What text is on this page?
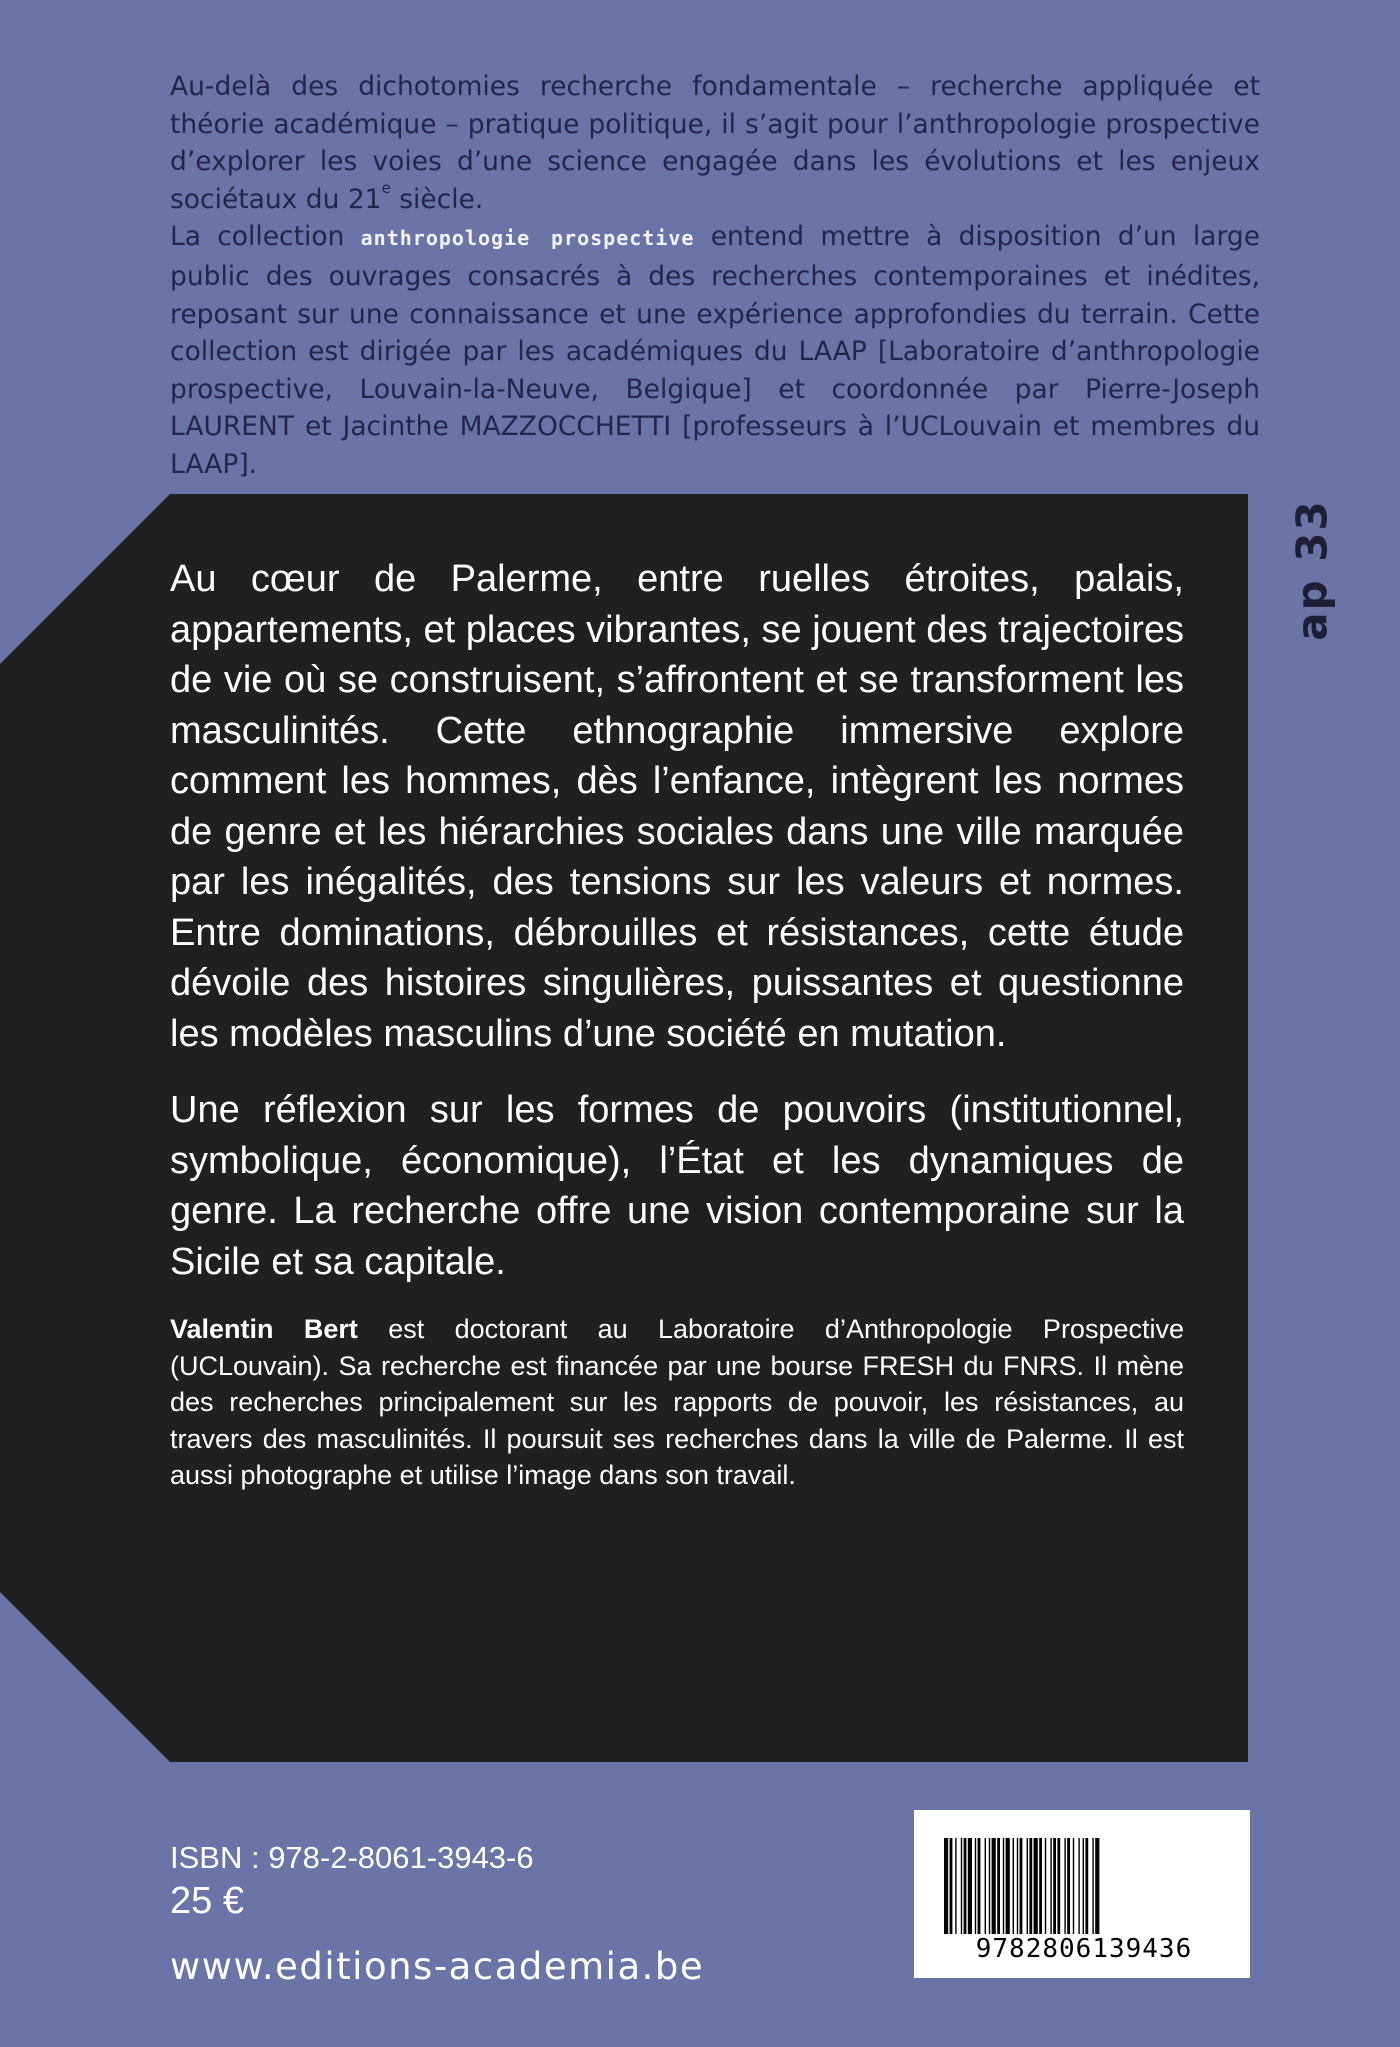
Au-delà des dichotomies recherche fondamentale – recherche appliquée et théorie académique – pratique politique, il s’agit pour l’anthropologie prospective d’explorer les voies d’une science engagée dans les évolutions et les enjeux sociétaux du 21e siècle.

La collection anthropologie prospective entend mettre à disposition d’un large public des ouvrages consacrés à des recherches contemporaines et inédites, reposant sur une connaissance et une expérience approfondies du terrain. Cette collection est dirigée par les académiques du LAAP [Laboratoire d’anthropologie prospective, Louvain-la-Neuve, Belgique] et coordonnée par Pierre-Joseph LAURENT et Jacinthe MAZZOCCHETTI [professeurs à l’UCLouvain et membres du LAAP].

ap 33

Au cœur de Palerme, entre ruelles étroites, palais, appartements, et places vibrantes, se jouent des trajectoires de vie où se construisent, s’affrontent et se transforment les masculinités. Cette ethnographie immersive explore comment les hommes, dès l’enfance, intègrent les normes de genre et les hiérarchies sociales dans une ville marquée par les inégalités, des tensions sur les valeurs et normes. Entre dominations, débrouilles et résistances, cette étude dévoile des histoires singulières, puissantes et questionne les modèles masculins d’une société en mutation.

Une réflexion sur les formes de pouvoirs (institutionnel, symbolique, économique), l’État et les dynamiques de genre. La recherche offre une vision contemporaine sur la Sicile et sa capitale.

Valentin Bert est doctorant au Laboratoire d’Anthropologie Prospective (UCLouvain). Sa recherche est financée par une bourse FRESH du FNRS. Il mène des recherches principalement sur les rapports de pouvoir, les résistances, au travers des masculinités. Il poursuit ses recherches dans la ville de Palerme. Il est aussi photographe et utilise l’image dans son travail.

ISBN : 978-2-8061-3943-6
25 €
www.editions-academia.be	9782806139436
